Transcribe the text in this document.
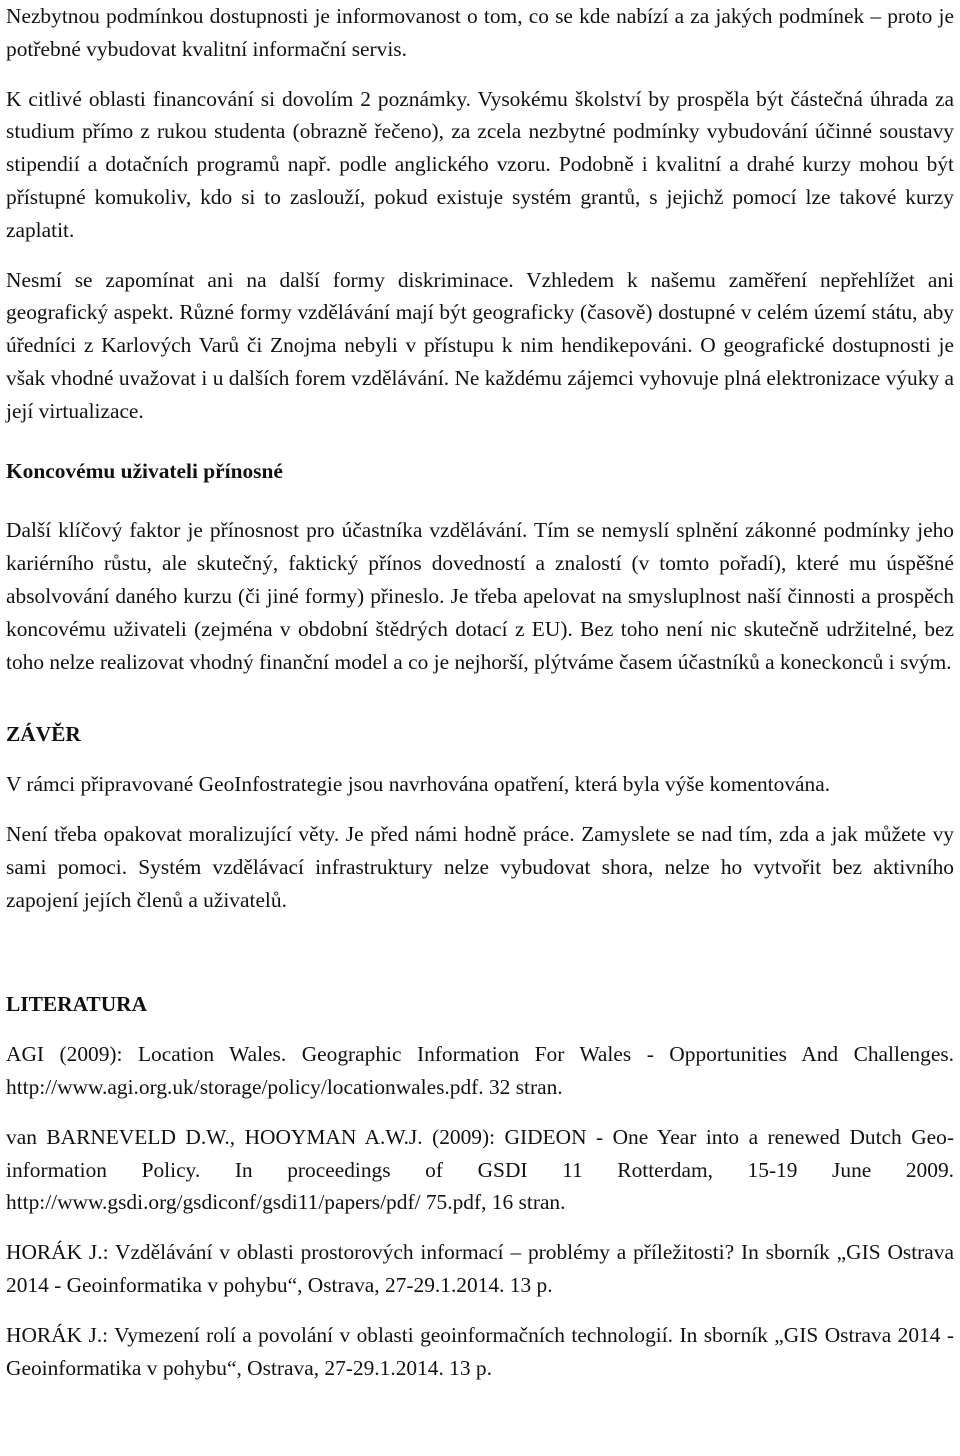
Nezbytnou podmínkou dostupnosti je informovanost o tom, co se kde nabízí a za jakých podmínek – proto je potřebné vybudovat kvalitní informační servis.

K citlivé oblasti financování si dovolím 2 poznámky. Vysokému školství by prospěla být částečná úhrada za studium přímo z rukou studenta (obrazně řečeno), za zcela nezbytné podmínky vybudování účinné soustavy stipendií a dotačních programů např. podle anglického vzoru. Podobně i kvalitní a drahé kurzy mohou být přístupné komukoliv, kdo si to zaslouží, pokud existuje systém grantů, s jejichž pomocí lze takové kurzy zaplatit.

Nesmí se zapomínat ani na další formy diskriminace. Vzhledem k našemu zaměření nepřehlížet ani geografický aspekt. Různé formy vzdělávání mají být geograficky (časově) dostupné v celém území státu, aby úředníci z Karlových Varů či Znojma nebyli v přístupu k nim hendikepováni. O geografické dostupnosti je však vhodné uvažovat i u dalších forem vzdělávání. Ne každému zájemci vyhovuje plná elektronizace výuky a její virtualizace.

Koncovému uživateli přínosné

Další klíčový faktor je přínosnost pro účastníka vzdělávání. Tím se nemyslí splnění zákonné podmínky jeho kariérního růstu, ale skutečný, faktický přínos dovedností a znalostí (v tomto pořadí), které mu úspěšné absolvování daného kurzu (či jiné formy) přineslo. Je třeba apelovat na smysluplnost naší činnosti a prospěch koncovému uživateli (zejména v obdobní štědrých dotací z EU). Bez toho není nic skutečně udržitelné, bez toho nelze realizovat vhodný finanční model a co je nejhorší, plýtváme časem účastníků a koneckonců i svým.

ZÁVĚR

V rámci připravované GeoInfostrategie jsou navrhována opatření, která byla výše komentována.

Není třeba opakovat moralizující věty. Je před námi hodně práce. Zamyslete se nad tím, zda a jak můžete vy sami pomoci. Systém vzdělávací infrastruktury nelze vybudovat shora, nelze ho vytvořit bez aktivního zapojení jejích členů a uživatelů.

LITERATURA

AGI (2009): Location Wales. Geographic Information For Wales - Opportunities And Challenges. http://www.agi.org.uk/storage/policy/locationwales.pdf. 32 stran.

van BARNEVELD D.W., HOOYMAN A.W.J. (2009): GIDEON - One Year into a renewed Dutch Geo-information Policy. In proceedings of GSDI 11 Rotterdam, 15-19 June 2009. http://www.gsdi.org/gsdiconf/gsdi11/papers/pdf/ 75.pdf, 16 stran.

HORÁK J.: Vzdělávání v oblasti prostorových informací – problémy a příležitosti? In sborník „GIS Ostrava 2014 - Geoinformatika v pohybu“, Ostrava, 27-29.1.2014. 13 p.

HORÁK J.: Vymezení rolí a povolání v oblasti geoinformačních technologií. In sborník „GIS Ostrava 2014 - Geoinformatika v pohybu“, Ostrava, 27-29.1.2014. 13 p.
